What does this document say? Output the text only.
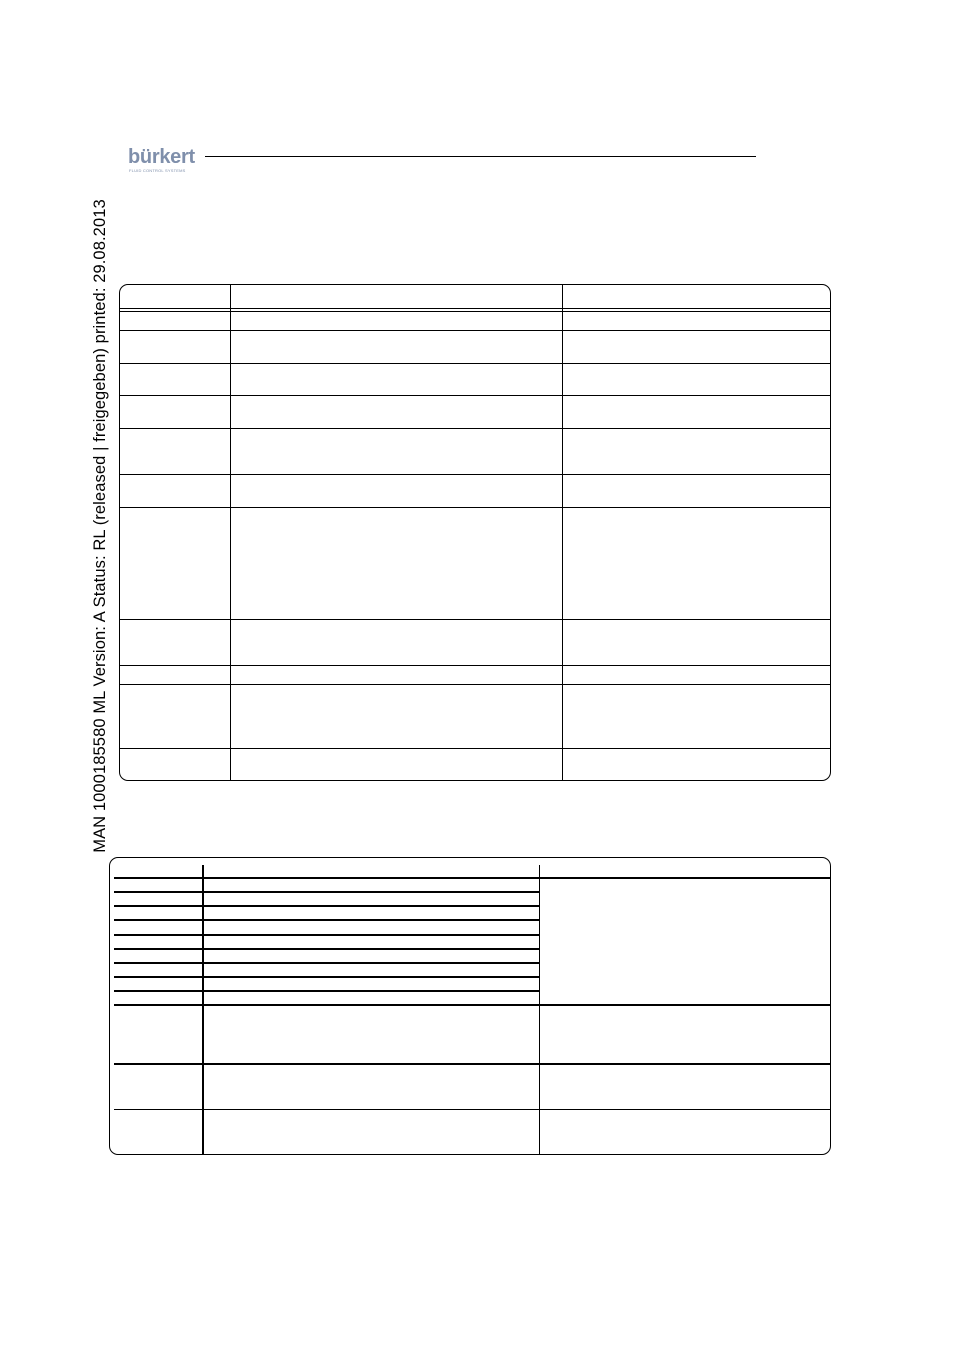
MAN 1000185580 ML Version: A Status: RL (released | freigegeben) printed: 29.08.2013
bürkert
FLUID CONTROL SYSTEMS
